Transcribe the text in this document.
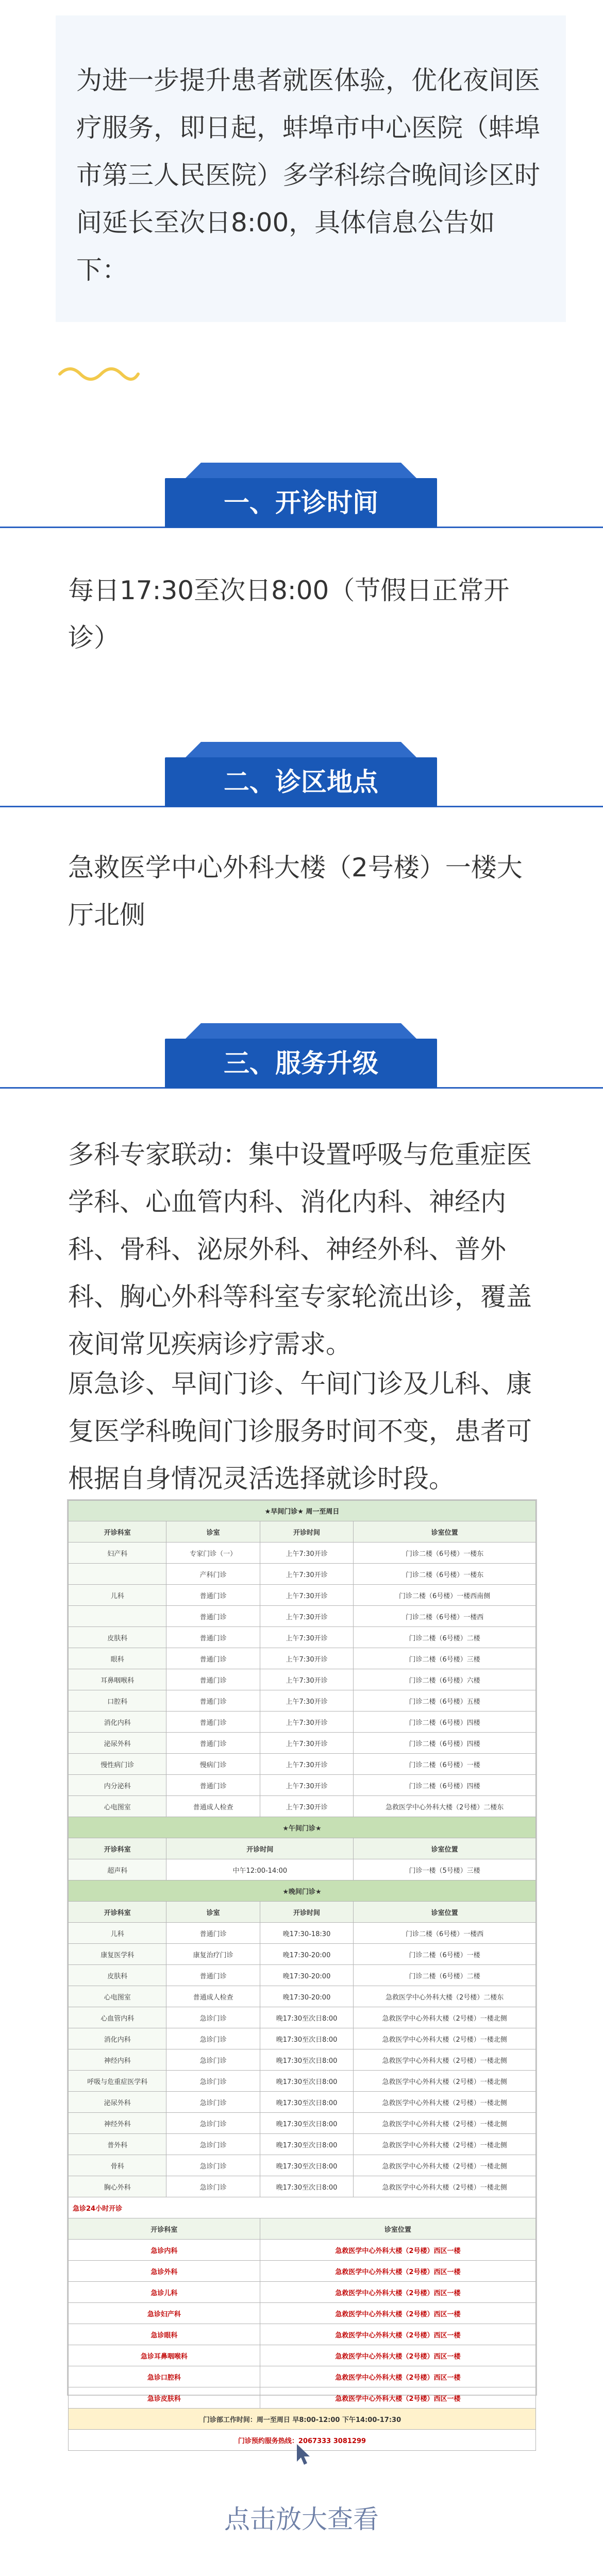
为进一步提升患者就医体验，优化夜间医疗服务，即日起，蚌埠市中心医院（蚌埠市第三人民医院）多学科综合晚间诊区时间延长至次日8:00，具体信息公告如下：

一、开诊时间

每日17:30至次日8:00（节假日正常开诊）

二、诊区地点

急救医学中心外科大楼（2号楼）一楼大厅北侧

三、服务升级

多科专家联动：集中设置呼吸与危重症医学科、心血管内科、消化内科、神经内科、骨科、泌尿外科、神经外科、普外科、胸心外科等科室专家轮流出诊，覆盖夜间常见疾病诊疗需求。

原急诊、早间门诊、午间门诊及儿科、康复医学科晚间门诊服务时间不变，患者可根据自身情况灵活选择就诊时段。

★早间门诊★ 周一至周日			
开诊科室	诊室	开诊时间	诊室位置
妇产科	专家门诊（一）	上午7:30开诊	门诊二楼（6号楼）一楼东
	产科门诊	上午7:30开诊	门诊二楼（6号楼）一楼东
儿科	普通门诊	上午7:30开诊	门诊二楼（6号楼）一楼西南侧
	普通门诊	上午7:30开诊	门诊二楼（6号楼）一楼西
皮肤科	普通门诊	上午7:30开诊	门诊二楼（6号楼）二楼
眼科	普通门诊	上午7:30开诊	门诊二楼（6号楼）三楼
耳鼻咽喉科	普通门诊	上午7:30开诊	门诊二楼（6号楼）六楼
口腔科	普通门诊	上午7:30开诊	门诊二楼（6号楼）五楼
消化内科	普通门诊	上午7:30开诊	门诊二楼（6号楼）四楼
泌尿外科	普通门诊	上午7:30开诊	门诊二楼（6号楼）四楼
慢性病门诊	慢病门诊	上午7:30开诊	门诊二楼（6号楼）一楼
内分泌科	普通门诊	上午7:30开诊	门诊二楼（6号楼）四楼
心电图室	普通成人检查	上午7:30开诊	急救医学中心外科大楼（2号楼）二楼东
★午间门诊★			
开诊科室	开诊时间		诊室位置
超声科	中午12:00-14:00		门诊一楼（5号楼）三楼
★晚间门诊★			
开诊科室	诊室	开诊时间	诊室位置
儿科	普通门诊	晚17:30-18:30	门诊二楼（6号楼）一楼西
康复医学科	康复治疗门诊	晚17:30-20:00	门诊二楼（6号楼）一楼
皮肤科	普通门诊	晚17:30-20:00	门诊二楼（6号楼）二楼
心电图室	普通成人检查	晚17:30-20:00	急救医学中心外科大楼（2号楼）二楼东
心血管内科	急诊门诊	晚17:30至次日8:00	急救医学中心外科大楼（2号楼）一楼北侧
消化内科	急诊门诊	晚17:30至次日8:00	急救医学中心外科大楼（2号楼）一楼北侧
神经内科	急诊门诊	晚17:30至次日8:00	急救医学中心外科大楼（2号楼）一楼北侧
呼吸与危重症医学科	急诊门诊	晚17:30至次日8:00	急救医学中心外科大楼（2号楼）一楼北侧
泌尿外科	急诊门诊	晚17:30至次日8:00	急救医学中心外科大楼（2号楼）一楼北侧
神经外科	急诊门诊	晚17:30至次日8:00	急救医学中心外科大楼（2号楼）一楼北侧
普外科	急诊门诊	晚17:30至次日8:00	急救医学中心外科大楼（2号楼）一楼北侧
骨科	急诊门诊	晚17:30至次日8:00	急救医学中心外科大楼（2号楼）一楼北侧
胸心外科	急诊门诊	晚17:30至次日8:00	急救医学中心外科大楼（2号楼）一楼北侧
急诊24小时开诊			
开诊科室		诊室位置	
急诊内科		急救医学中心外科大楼（2号楼）西区一楼	
急诊外科		急救医学中心外科大楼（2号楼）西区一楼	
急诊儿科		急救医学中心外科大楼（2号楼）西区一楼	
急诊妇产科		急救医学中心外科大楼（2号楼）西区一楼	
急诊眼科		急救医学中心外科大楼（2号楼）西区一楼	
急诊耳鼻咽喉科		急救医学中心外科大楼（2号楼）西区一楼	
急诊口腔科		急救医学中心外科大楼（2号楼）西区一楼	
急诊皮肤科		急救医学中心外科大楼（2号楼）西区一楼	
门诊部工作时间：周一至周日 早8:00-12:00 下午14:00-17:30			
门诊预约服务热线：2067333 3081299			
点击放大查看
